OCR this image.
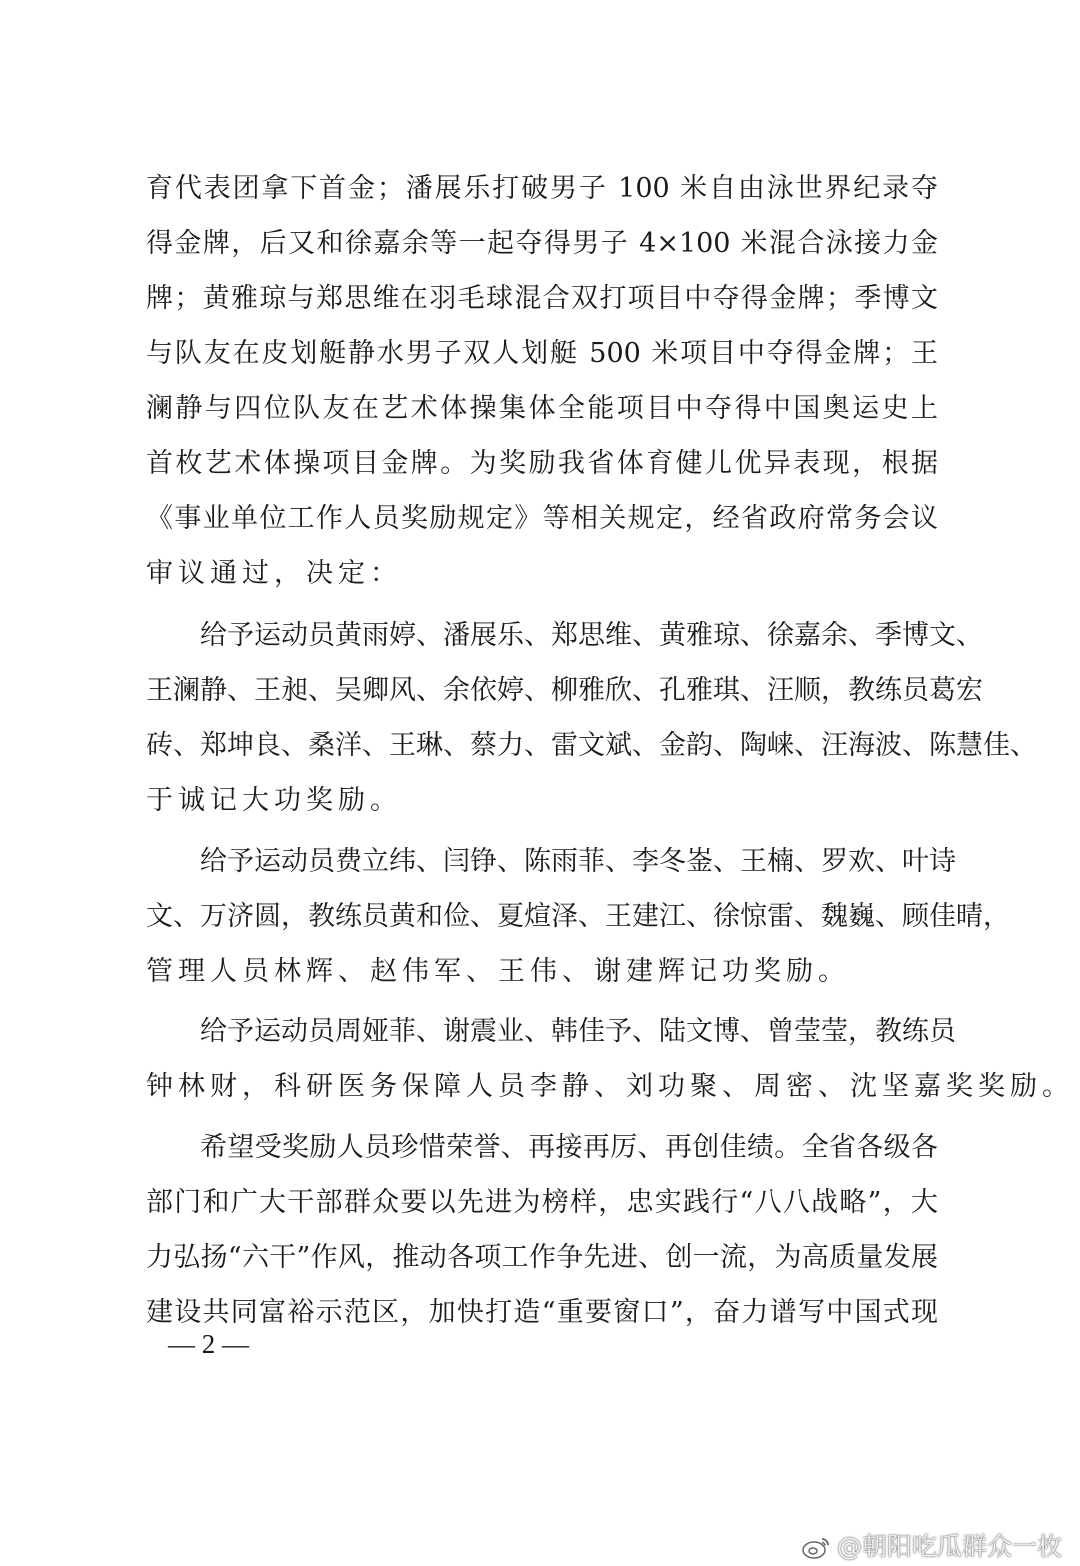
育代表团拿下首金；潘展乐打破男子 100 米自由泳世界纪录夺
得金牌，后又和徐嘉余等一起夺得男子 4×100 米混合泳接力金
牌；黄雅琼与郑思维在羽毛球混合双打项目中夺得金牌；季博文
与队友在皮划艇静水男子双人划艇 500 米项目中夺得金牌；王
澜静与四位队友在艺术体操集体全能项目中夺得中国奥运史上
首枚艺术体操项目金牌。为奖励我省体育健儿优异表现，根据
《事业单位工作人员奖励规定》等相关规定，经省政府常务会议
审议通过，决定：
给予运动员黄雨婷、潘展乐、郑思维、黄雅琼、徐嘉余、季博文、
王澜静、王昶、吴卿风、余依婷、柳雅欣、孔雅琪、汪顺，教练员葛宏
砖、郑坤良、桑洋、王琳、蔡力、雷文斌、金韵、陶崃、汪海波、陈慧佳、
于诚记大功奖励。
给予运动员费立纬、闫铮、陈雨菲、李冬崟、王楠、罗欢、叶诗
文、万济圆，教练员黄和俭、夏煊泽、王建江、徐惊雷、魏巍、顾佳晴，
管理人员林辉、赵伟军、王伟、谢建辉记功奖励。
给予运动员周娅菲、谢震业、韩佳予、陆文博、曾莹莹，教练员
钟林财，科研医务保障人员李静、刘功聚、周密、沈坚嘉奖奖励。
希望受奖励人员珍惜荣誉、再接再厉、再创佳绩。全省各级各
部门和广大干部群众要以先进为榜样，忠实践行“八八战略”，大
力弘扬“六干”作风，推动各项工作争先进、创一流，为高质量发展
建设共同富裕示范区，加快打造“重要窗口”，奋力谱写中国式现
— 2 —
@朝阳吃瓜群众一枚
